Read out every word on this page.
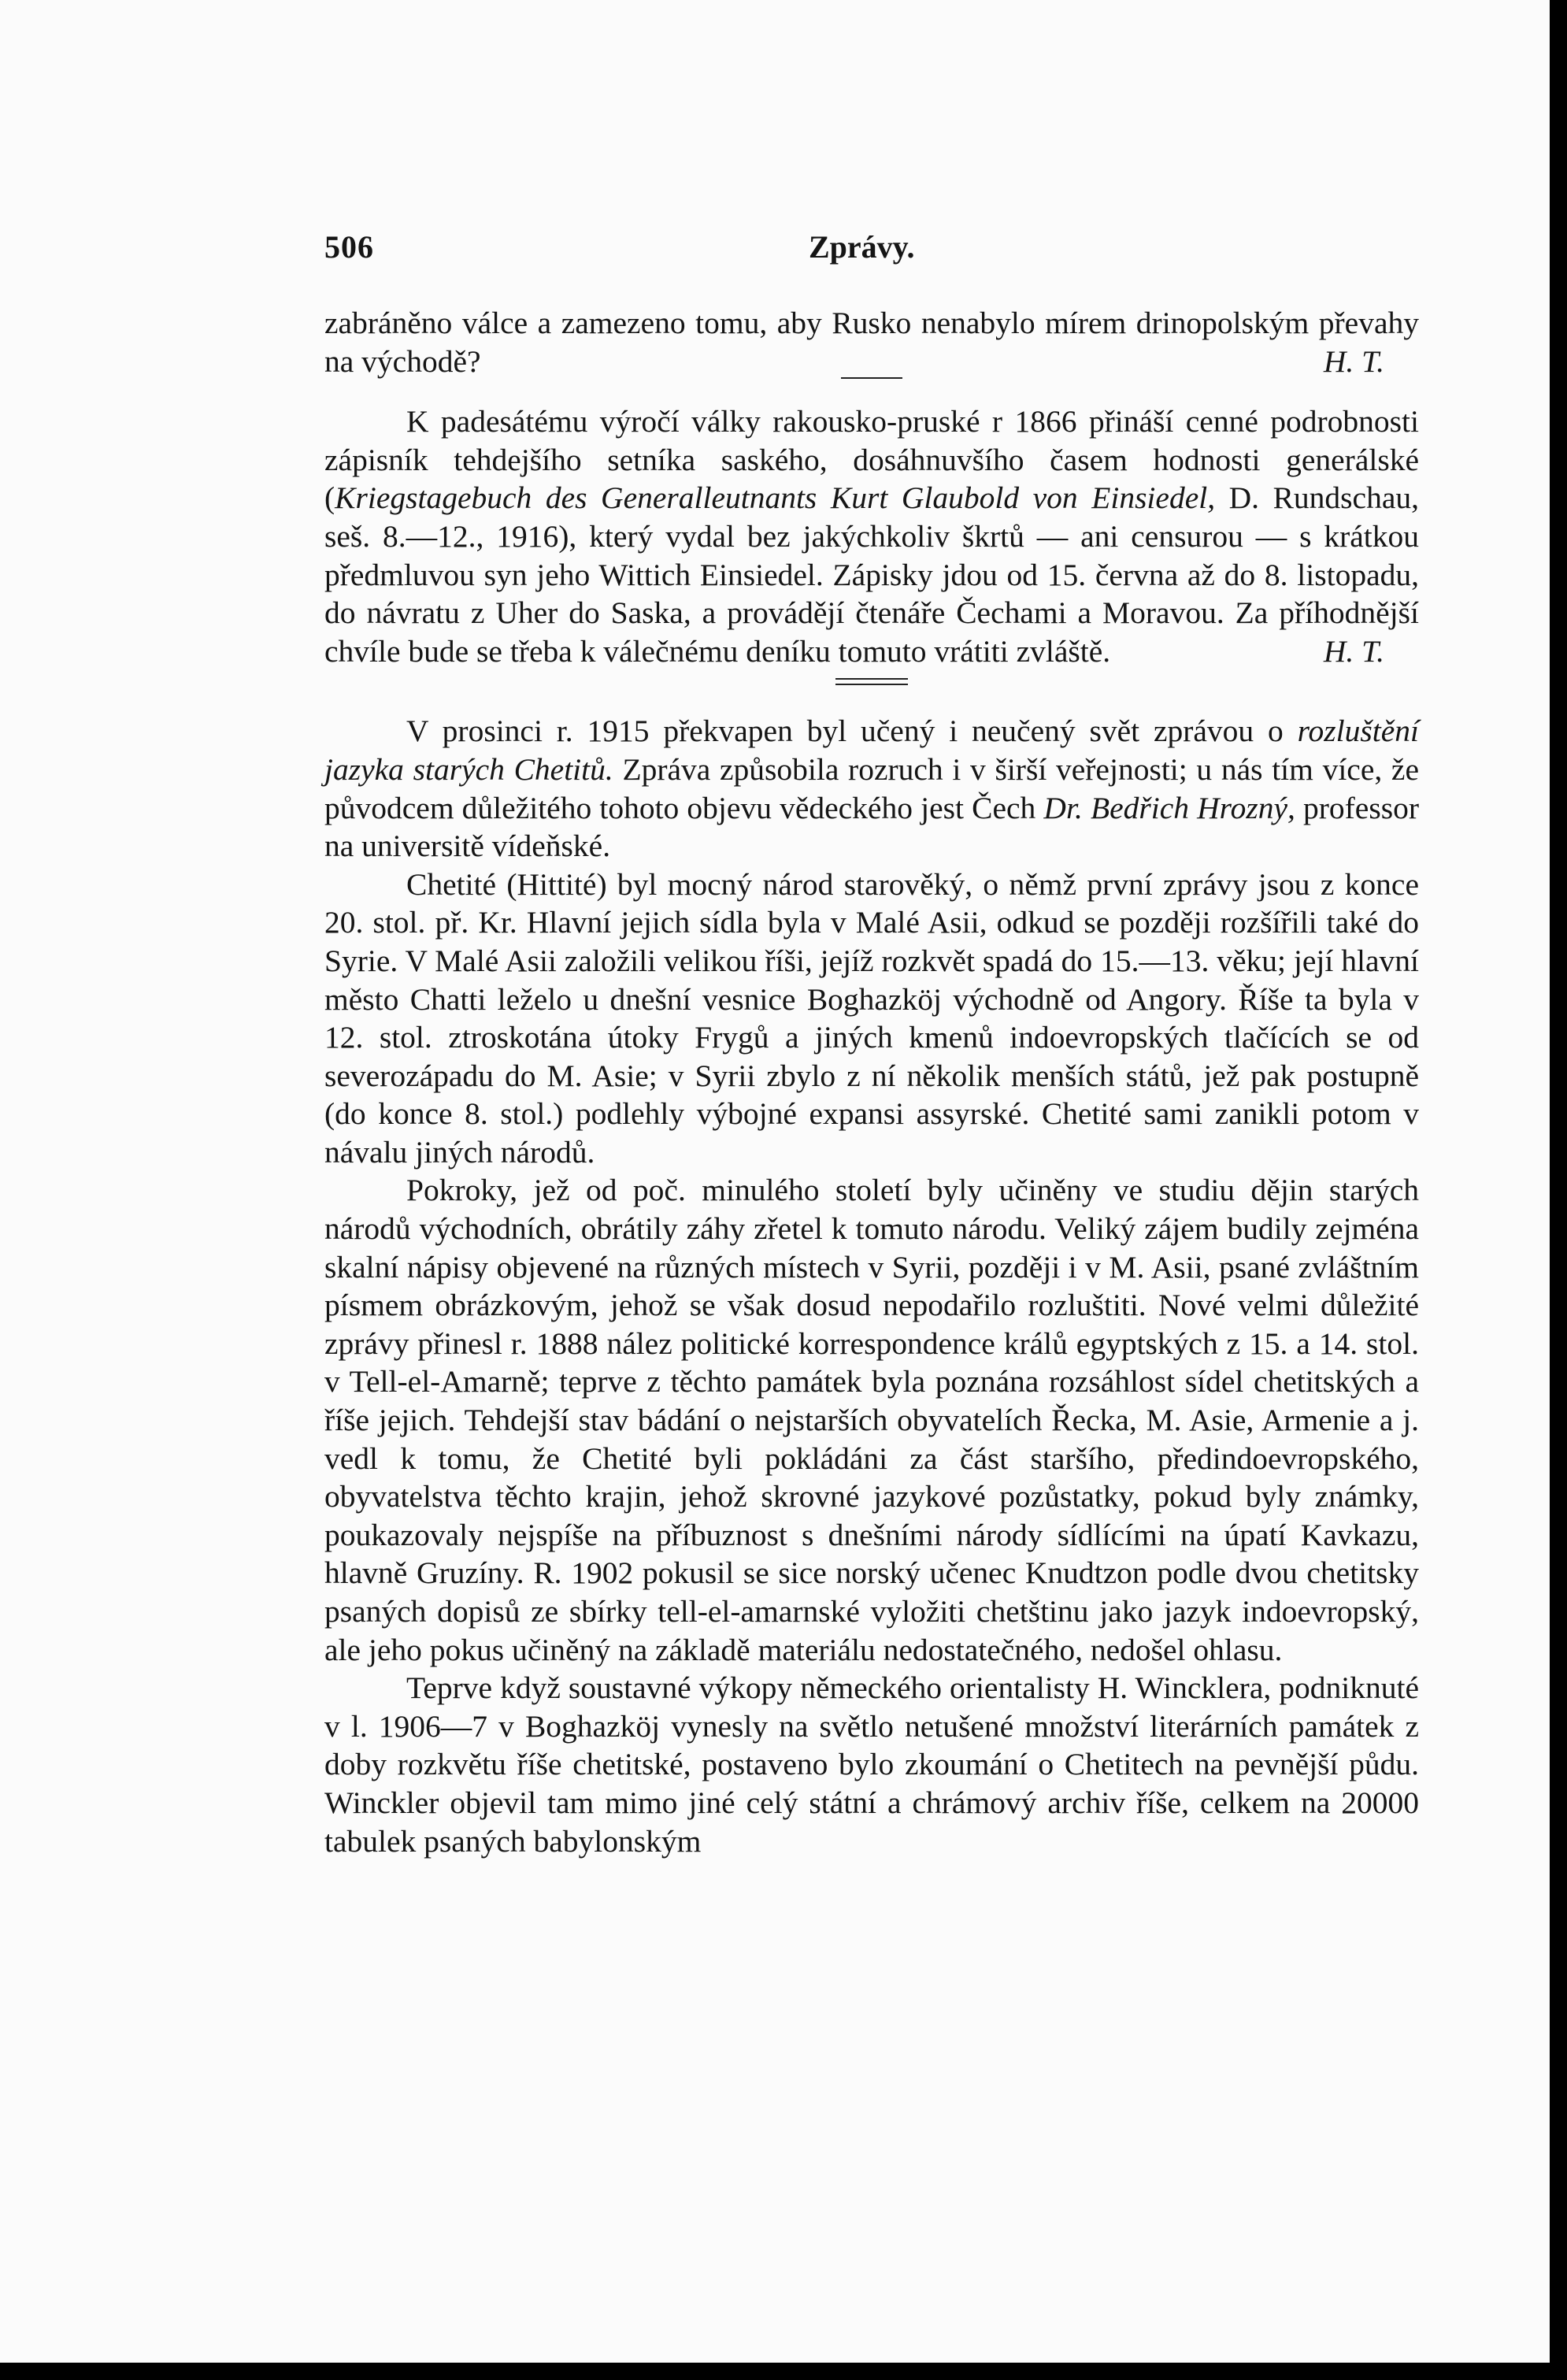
506	Zprávy.

zabráněno válce a zamezeno tomu, aby Rusko nenabylo mírem drinopolským převahy na východě?	H. T.

K padesátému výročí války rakousko-pruské r 1866 přináší cenné podrobnosti zápisník tehdejšího setníka saského, dosáhnuvšího časem hodnosti generálské (Kriegstagebuch des Generalleutnants Kurt Glaubold von Einsiedel, D. Rundschau, seš. 8.—12., 1916), který vydal bez jakýchkoliv škrtů — ani censurou — s krátkou předmluvou syn jeho Wittich Einsiedel. Zápisky jdou od 15. června až do 8. listopadu, do návratu z Uher do Saska, a provádějí čtenáře Čechami a Moravou. Za příhodnější chvíle bude se třeba k válečnému deníku tomuto vrátiti zvláště.	H. T.

V prosinci r. 1915 překvapen byl učený i neučený svět zprávou o rozluštění jazyka starých Chetitů. Zpráva způsobila rozruch i v širší veřejnosti; u nás tím více, že původcem důležitého tohoto objevu vědeckého jest Čech Dr. Bedřich Hrozný, professor na universitě vídeňské.

Chetité (Hittité) byl mocný národ starověký, o němž první zprávy jsou z konce 20. stol. př. Kr. Hlavní jejich sídla byla v Malé Asii, odkud se později rozšířili také do Syrie. V Malé Asii založili velikou říši, jejíž rozkvět spadá do 15.—13. věku; její hlavní město Chatti leželo u dnešní vesnice Boghazköj východně od Angory. Říše ta byla v 12. stol. ztroskotána útoky Frygů a jiných kmenů indoevropských tlačících se od severozápadu do M. Asie; v Syrii zbylo z ní několik menších států, jež pak postupně (do konce 8. stol.) podlehly výbojné expansi assyrské. Chetité sami zanikli potom v návalu jiných národů.

Pokroky, jež od poč. minulého století byly učiněny ve studiu dějin starých národů východních, obrátily záhy zřetel k tomuto národu. Veliký zájem budily zejména skalní nápisy objevené na různých místech v Syrii, později i v M. Asii, psané zvláštním písmem obrázkovým, jehož se však dosud nepodařilo rozluštiti. Nové velmi důležité zprávy přinesl r. 1888 nález politické korrespondence králů egyptských z 15. a 14. stol. v Tell-el-Amarně; teprve z těchto památek byla poznána rozsáhlost sídel chetitských a říše jejich. Tehdejší stav bádání o nejstarších obyvatelích Řecka, M. Asie, Armenie a j. vedl k tomu, že Chetité byli pokládáni za část staršího, předindoevropského, obyvatelstva těchto krajin, jehož skrovné jazykové pozůstatky, pokud byly známky, poukazovaly nejspíše na příbuznost s dnešními národy sídlícími na úpatí Kavkazu, hlavně Gruzíny. R. 1902 pokusil se sice norský učenec Knudtzon podle dvou chetitsky psaných dopisů ze sbírky tell-el-amarnské vyložiti chetštinu jako jazyk indoevropský, ale jeho pokus učiněný na základě materiálu nedostatečného, nedošel ohlasu.

Teprve když soustavné výkopy německého orientalisty H. Wincklera, podniknuté v l. 1906—7 v Boghazköj vynesly na světlo netušené množství literárních památek z doby rozkvětu říše chetitské, postaveno bylo zkoumání o Chetitech na pevnější půdu. Winckler objevil tam mimo jiné celý státní a chrámový archiv říše, celkem na 20000 tabulek psaných babylonským
